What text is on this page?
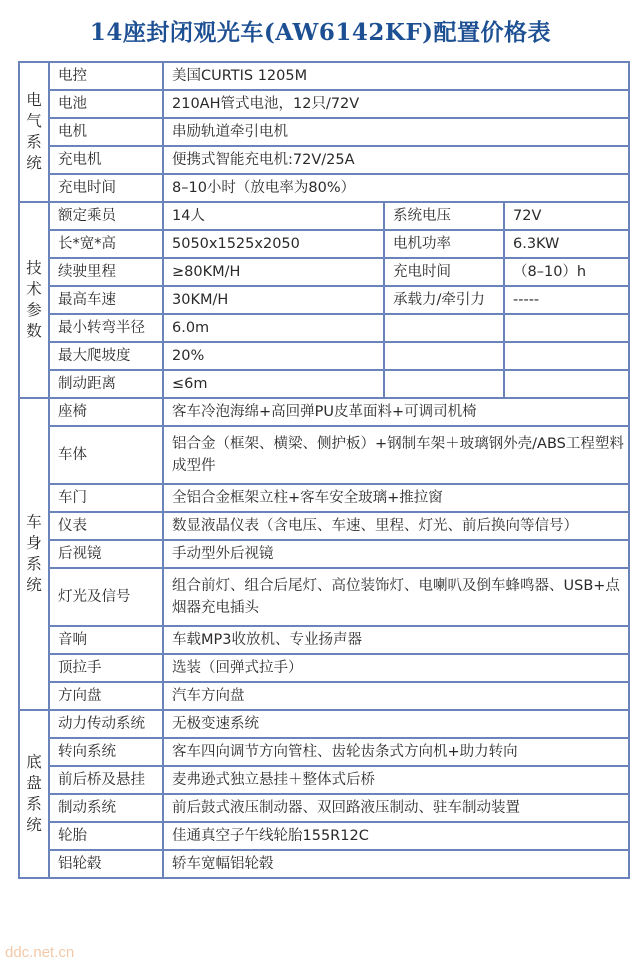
14座封闭观光车(AW6142KF)配置价格表
电气系统	电控	美国CURTIS 1205M		
	电池	210AH管式电池，12只/72V		
	电机	串励轨道牵引电机		
	充电机	便携式智能充电机:72V/25A		
	充电时间	8–10小时（放电率为80%）		
技术参数	额定乘员	14人	系统电压	72V
	长*宽*高	5050x1525x2050	电机功率	6.3KW
	续驶里程	≥80KM/H	充电时间	（8–10）h
	最高车速	30KM/H	承载力/牵引力	-----
	最小转弯半径	6.0m		
	最大爬坡度	20%		
	制动距离	≤6m		
车身系统	座椅	客车冷泡海绵+高回弹PU皮革面料+可调司机椅		
	车体	铝合金（框架、横梁、侧护板）+钢制车架＋玻璃钢外壳/ABS工程塑料成型件		
	车门	全铝合金框架立柱+客车安全玻璃+推拉窗		
	仪表	数显液晶仪表（含电压、车速、里程、灯光、前后换向等信号）		
	后视镜	手动型外后视镜		
	灯光及信号	组合前灯、组合后尾灯、高位装饰灯、电喇叭及倒车蜂鸣器、USB+点烟器充电插头		
	音响	车载MP3收放机、专业扬声器		
	顶拉手	选装（回弹式拉手）		
	方向盘	汽车方向盘		
底盘系统	动力传动系统	无极变速系统		
	转向系统	客车四向调节方向管柱、齿轮齿条式方向机+助力转向		
	前后桥及悬挂	麦弗逊式独立悬挂＋整体式后桥		
	制动系统	前后鼓式液压制动器、双回路液压制动、驻车制动装置		
	轮胎	佳通真空子午线轮胎155R12C		
	铝轮毂	轿车宽幅铝轮毂		
ddc.net.cn
